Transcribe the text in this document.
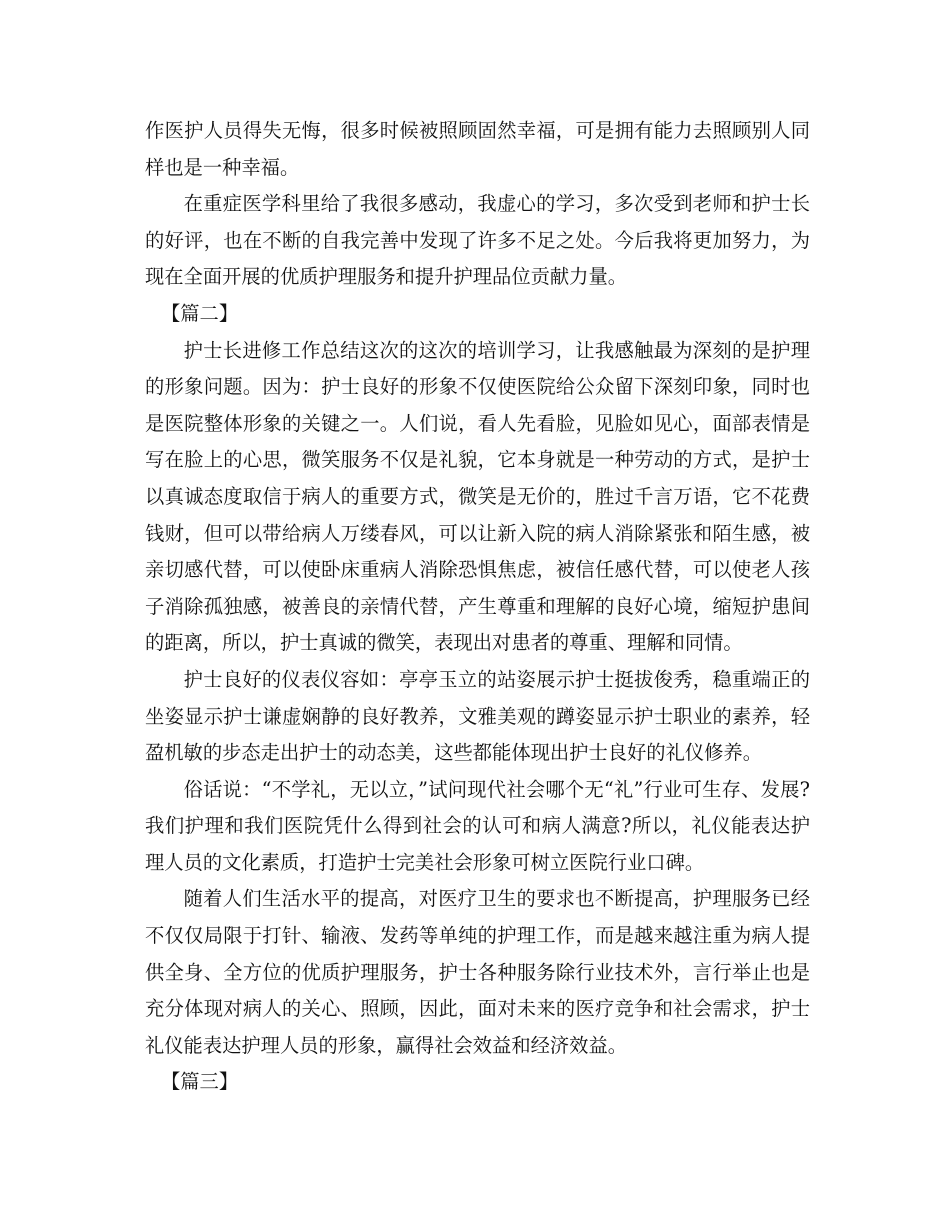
作医护人员得失无悔，很多时候被照顾固然幸福，可是拥有能力去照顾别人同样也是一种幸福。

在重症医学科里给了我很多感动，我虚心的学习，多次受到老师和护士长的好评，也在不断的自我完善中发现了许多不足之处。今后我将更加努力，为现在全面开展的优质护理服务和提升护理品位贡献力量。

【篇二】

护士长进修工作总结这次的这次的培训学习，让我感触最为深刻的是护理的形象问题。因为：护士良好的形象不仅使医院给公众留下深刻印象，同时也是医院整体形象的关键之一。人们说，看人先看脸，见脸如见心，面部表情是写在脸上的心思，微笑服务不仅是礼貌，它本身就是一种劳动的方式，是护士以真诚态度取信于病人的重要方式，微笑是无价的，胜过千言万语，它不花费钱财，但可以带给病人万缕春风，可以让新入院的病人消除紧张和陌生感，被亲切感代替，可以使卧床重病人消除恐惧焦虑，被信任感代替，可以使老人孩子消除孤独感，被善良的亲情代替，产生尊重和理解的良好心境，缩短护患间的距离，所以，护士真诚的微笑，表现出对患者的尊重、理解和同情。

护士良好的仪表仪容如：亭亭玉立的站姿展示护士挺拔俊秀，稳重端正的坐姿显示护士谦虚娴静的良好教养，文雅美观的蹲姿显示护士职业的素养，轻盈机敏的步态走出护士的动态美，这些都能体现出护士良好的礼仪修养。

俗话说：“不学礼，无以立，”试问现代社会哪个无“礼”行业可生存、发展?我们护理和我们医院凭什么得到社会的认可和病人满意?所以，礼仪能表达护理人员的文化素质，打造护士完美社会形象可树立医院行业口碑。

随着人们生活水平的提高，对医疗卫生的要求也不断提高，护理服务已经不仅仅局限于打针、输液、发药等单纯的护理工作，而是越来越注重为病人提供全身、全方位的优质护理服务，护士各种服务除行业技术外，言行举止也是充分体现对病人的关心、照顾，因此，面对未来的医疗竞争和社会需求，护士礼仪能表达护理人员的形象，赢得社会效益和经济效益。

【篇三】
